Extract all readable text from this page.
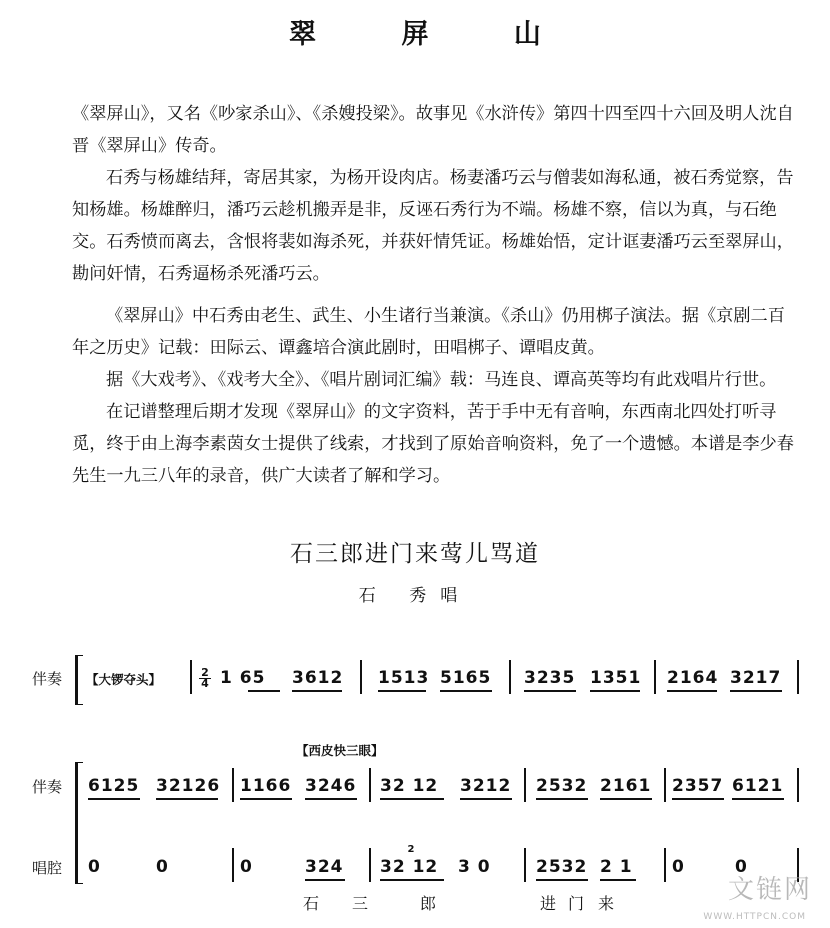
翠 屏 山

《翠屏山》，又名《吵家杀山》、《杀嫂投梁》。故事见《水浒传》第四十四至四十六回及明人沈自晋《翠屏山》传奇。

石秀与杨雄结拜，寄居其家，为杨开设肉店。杨妻潘巧云与僧裴如海私通，被石秀觉察，告知杨雄。杨雄醉归，潘巧云趁机搬弄是非，反诬石秀行为不端。杨雄不察，信以为真，与石绝交。石秀愤而离去，含恨将裴如海杀死，并获奸情凭证。杨雄始悟，定计诓妻潘巧云至翠屏山，勘问奸情，石秀逼杨杀死潘巧云。

《翠屏山》中石秀由老生、武生、小生诸行当兼演。《杀山》仍用梆子演法。据《京剧二百年之历史》记载：田际云、谭鑫培合演此剧时，田唱梆子、谭唱皮黄。

据《大戏考》、《戏考大全》、《唱片剧词汇编》载：马连良、谭高英等均有此戏唱片行世。

在记谱整理后期才发现《翠屏山》的文字资料，苦于手中无有音响，东西南北四处打听寻觅，终于由上海李素茵女士提供了线索，才找到了原始音响资料，免了一个遗憾。本谱是李少春先生一九三八年的录音，供广大读者了解和学习。

石三郎进门来莺儿骂道
石 秀唱
伴奏 【大锣夺头】	$\frac{2}{4} 1$ 65 3612 1513 5165 3235 1351 2164 3217
【西皮快三眼】
伴奏
唱腔
6125 32126 1166 3246 32 12 3212 2532 2161 2357 6121
0	0	0	324 32 12 3 0
2
2532 2 1 0	0
石 三	郎	进 门 来	文链网
WWW.HTTPCN.COM
